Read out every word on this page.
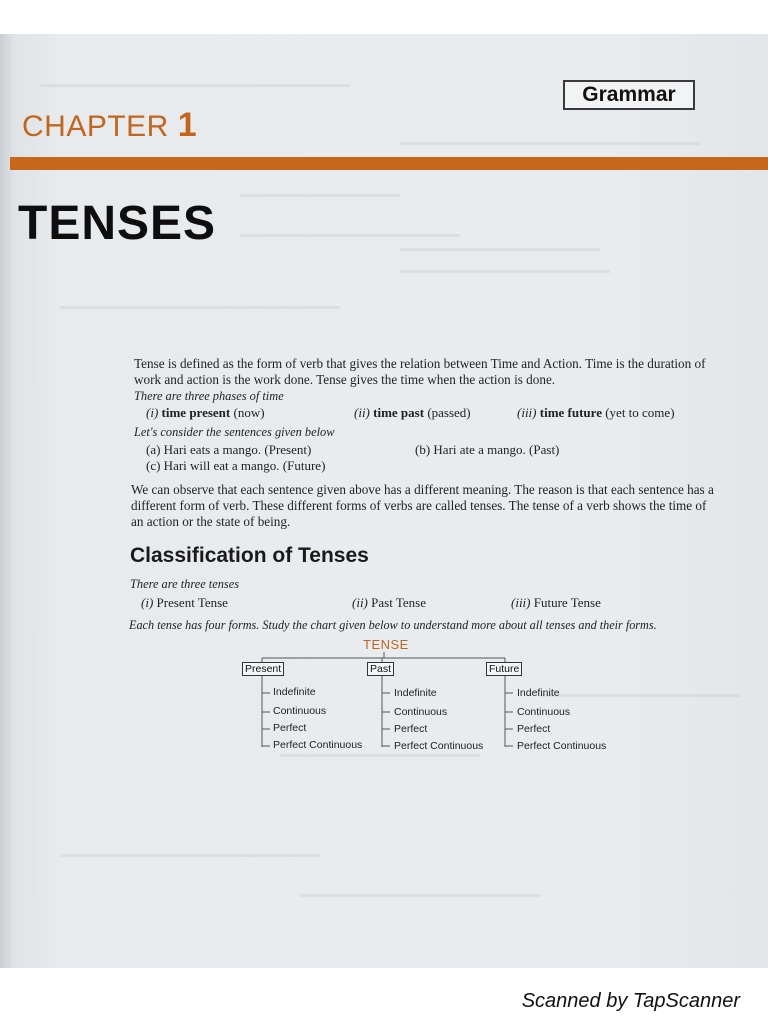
Grammar
CHAPTER 1
TENSES
Tense is defined as the form of verb that gives the relation between Time and Action. Time is the duration of work and action is the work done. Tense gives the time when the action is done.
There are three phases of time
(i) time present (now)	(ii) time past (passed)	(iii) time future (yet to come)
Let's consider the sentences given below
(a) Hari eats a mango. (Present)	(b) Hari ate a mango. (Past)
(c) Hari will eat a mango. (Future)
We can observe that each sentence given above has a different meaning. The reason is that each sentence has a different form of verb. These different forms of verbs are called tenses. The tense of a verb shows the time of an action or the state of being.
Classification of Tenses
There are three tenses
(i) Present Tense	(ii) Past Tense	(iii) Future Tense
Each tense has four forms. Study the chart given below to understand more about all tenses and their forms.
TENSE
Present	Past	Future
Indefinite
Continuous
Perfect
Perfect Continuous
Indefinite
Continuous
Perfect
Perfect Continuous
Indefinite
Continuous
Perfect
Perfect Continuous
Scanned by TapScanner
